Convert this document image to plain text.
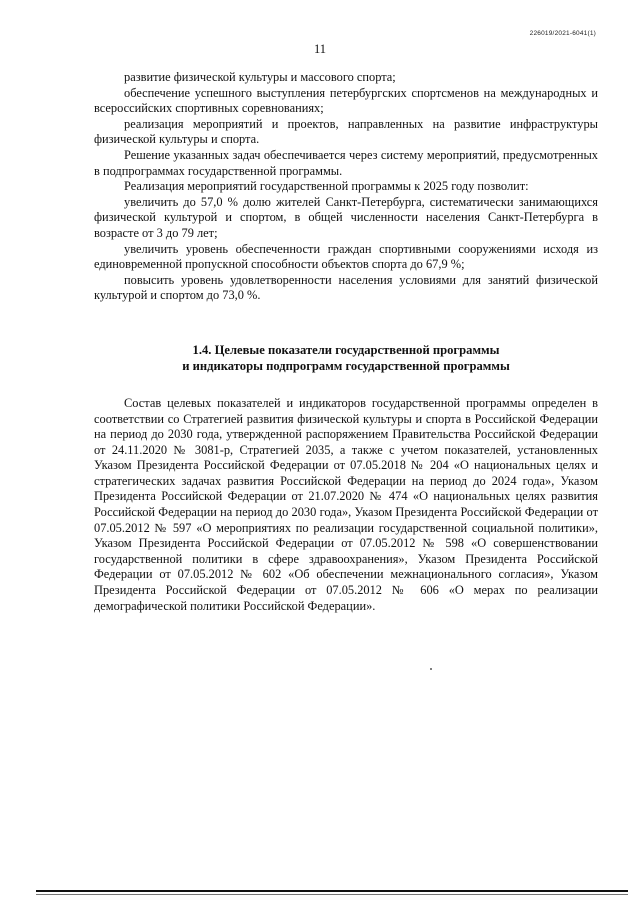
226019/2021-6041(1)
11

развитие физической культуры и массового спорта;

обеспечение успешного выступления петербургских спортсменов на международных и всероссийских спортивных соревнованиях;

реализация мероприятий и проектов, направленных на развитие инфраструктуры физической культуры и спорта.

Решение указанных задач обеспечивается через систему мероприятий, предусмотренных в подпрограммах государственной программы.

Реализация мероприятий государственной программы к 2025 году позволит:

увеличить до 57,0 % долю жителей Санкт-Петербурга, систематически занимающихся физической культурой и спортом, в общей численности населения Санкт-Петербурга в возрасте от 3 до 79 лет;

увеличить уровень обеспеченности граждан спортивными сооружениями исходя из единовременной пропускной способности объектов спорта до 67,9 %;

повысить уровень удовлетворенности населения условиями для занятий физической культурой и спортом до 73,0 %.

1.4. Целевые показатели государственной программы
и индикаторы подпрограмм государственной программы

Состав целевых показателей и индикаторов государственной программы определен в соответствии со Стратегией развития физической культуры и спорта в Российской Федерации на период до 2030 года, утвержденной распоряжением Правительства Российской Федерации от 24.11.2020 № 3081-р, Стратегией 2035, а также с учетом показателей, установленных Указом Президента Российской Федерации от 07.05.2018 № 204 «О национальных целях и стратегических задачах развития Российской Федерации на период до 2024 года», Указом Президента Российской Федерации от 21.07.2020 № 474 «О национальных целях развития Российской Федерации на период до 2030 года», Указом Президента Российской Федерации от 07.05.2012 № 597 «О мероприятиях по реализации государственной социальной политики», Указом Президента Российской Федерации от 07.05.2012 № 598 «О совершенствовании государственной политики в сфере здравоохранения», Указом Президента Российской Федерации от 07.05.2012 № 602 «Об обеспечении межнационального согласия», Указом Президента Российской Федерации от 07.05.2012 № 606 «О мерах по реализации демографической политики Российской Федерации».
